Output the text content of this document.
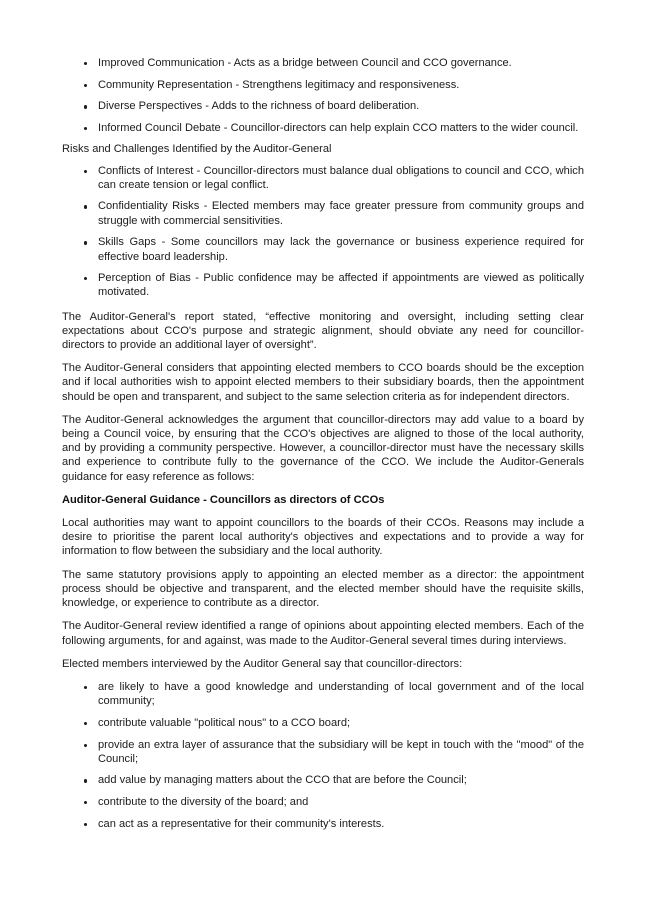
Improved Communication - Acts as a bridge between Council and CCO governance.
Community Representation - Strengthens legitimacy and responsiveness.
Diverse Perspectives - Adds to the richness of board deliberation.
Informed Council Debate - Councillor-directors can help explain CCO matters to the wider council.

Risks and Challenges Identified by the Auditor-General

Conflicts of Interest - Councillor-directors must balance dual obligations to council and CCO, which can create tension or legal conflict.
Confidentiality Risks - Elected members may face greater pressure from community groups and struggle with commercial sensitivities.
Skills Gaps - Some councillors may lack the governance or business experience required for effective board leadership.
Perception of Bias - Public confidence may be affected if appointments are viewed as politically motivated.

The Auditor-General's report stated, “effective monitoring and oversight, including setting clear expectations about CCO's purpose and strategic alignment, should obviate any need for councillor-directors to provide an additional layer of oversight”.

The Auditor-General considers that appointing elected members to CCO boards should be the exception and if local authorities wish to appoint elected members to their subsidiary boards, then the appointment should be open and transparent, and subject to the same selection criteria as for independent directors.

The Auditor-General acknowledges the argument that councillor-directors may add value to a board by being a Council voice, by ensuring that the CCO's objectives are aligned to those of the local authority, and by providing a community perspective. However, a councillor-director must have the necessary skills and experience to contribute fully to the governance of the CCO. We include the Auditor-Generals guidance for easy reference as follows:

Auditor-General Guidance - Councillors as directors of CCOs

Local authorities may want to appoint councillors to the boards of their CCOs. Reasons may include a desire to prioritise the parent local authority's objectives and expectations and to provide a way for information to flow between the subsidiary and the local authority.

The same statutory provisions apply to appointing an elected member as a director: the appointment process should be objective and transparent, and the elected member should have the requisite skills, knowledge, or experience to contribute as a director.

The Auditor-General review identified a range of opinions about appointing elected members. Each of the following arguments, for and against, was made to the Auditor-General several times during interviews.

Elected members interviewed by the Auditor General say that councillor-directors:

are likely to have a good knowledge and understanding of local government and of the local community;
contribute valuable "political nous" to a CCO board;
provide an extra layer of assurance that the subsidiary will be kept in touch with the "mood" of the Council;
add value by managing matters about the CCO that are before the Council;
contribute to the diversity of the board; and
can act as a representative for their community's interests.
